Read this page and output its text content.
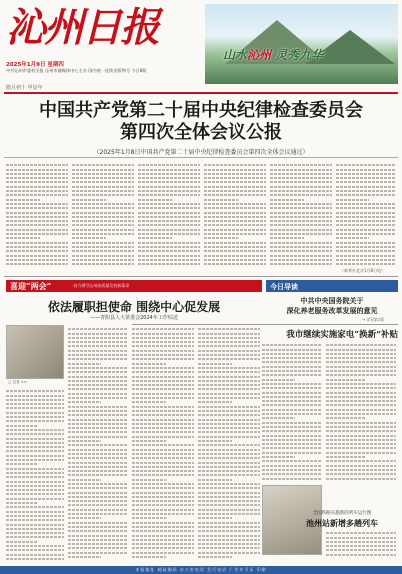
沁州日报
2025年1月9日 星期四
中共沁州市委机关报 沁州市融媒体中心主办 国内统一连续出版物号 今日8版
腊月初十 甲辰年
山水沁州 灵秀九华
中国共产党第二十届中央纪律检查委员会
第四次全体会议公报
（2025年1月8日中国共产党第二十届中央纪律检查委员会第四次全体会议通过）
（新华社北京1月8日电）
喜迎“两会”	·奋力谱写沁州高质量发展新篇章
依法履职担使命 围绕中心促发展
——青阳县人大常委会2024年工作综述
□ 记者 ××
今日导读
中共中央国务院关于
深化养老服务改革发展的意见
→ 详见第2版
我市继续实施家电“换新”补贴
全国铁路实施新的列车运行图
池州站新增多趟列车
本报地址 邮政编码 办公室电话 发行电话 广告许可证 印刷
